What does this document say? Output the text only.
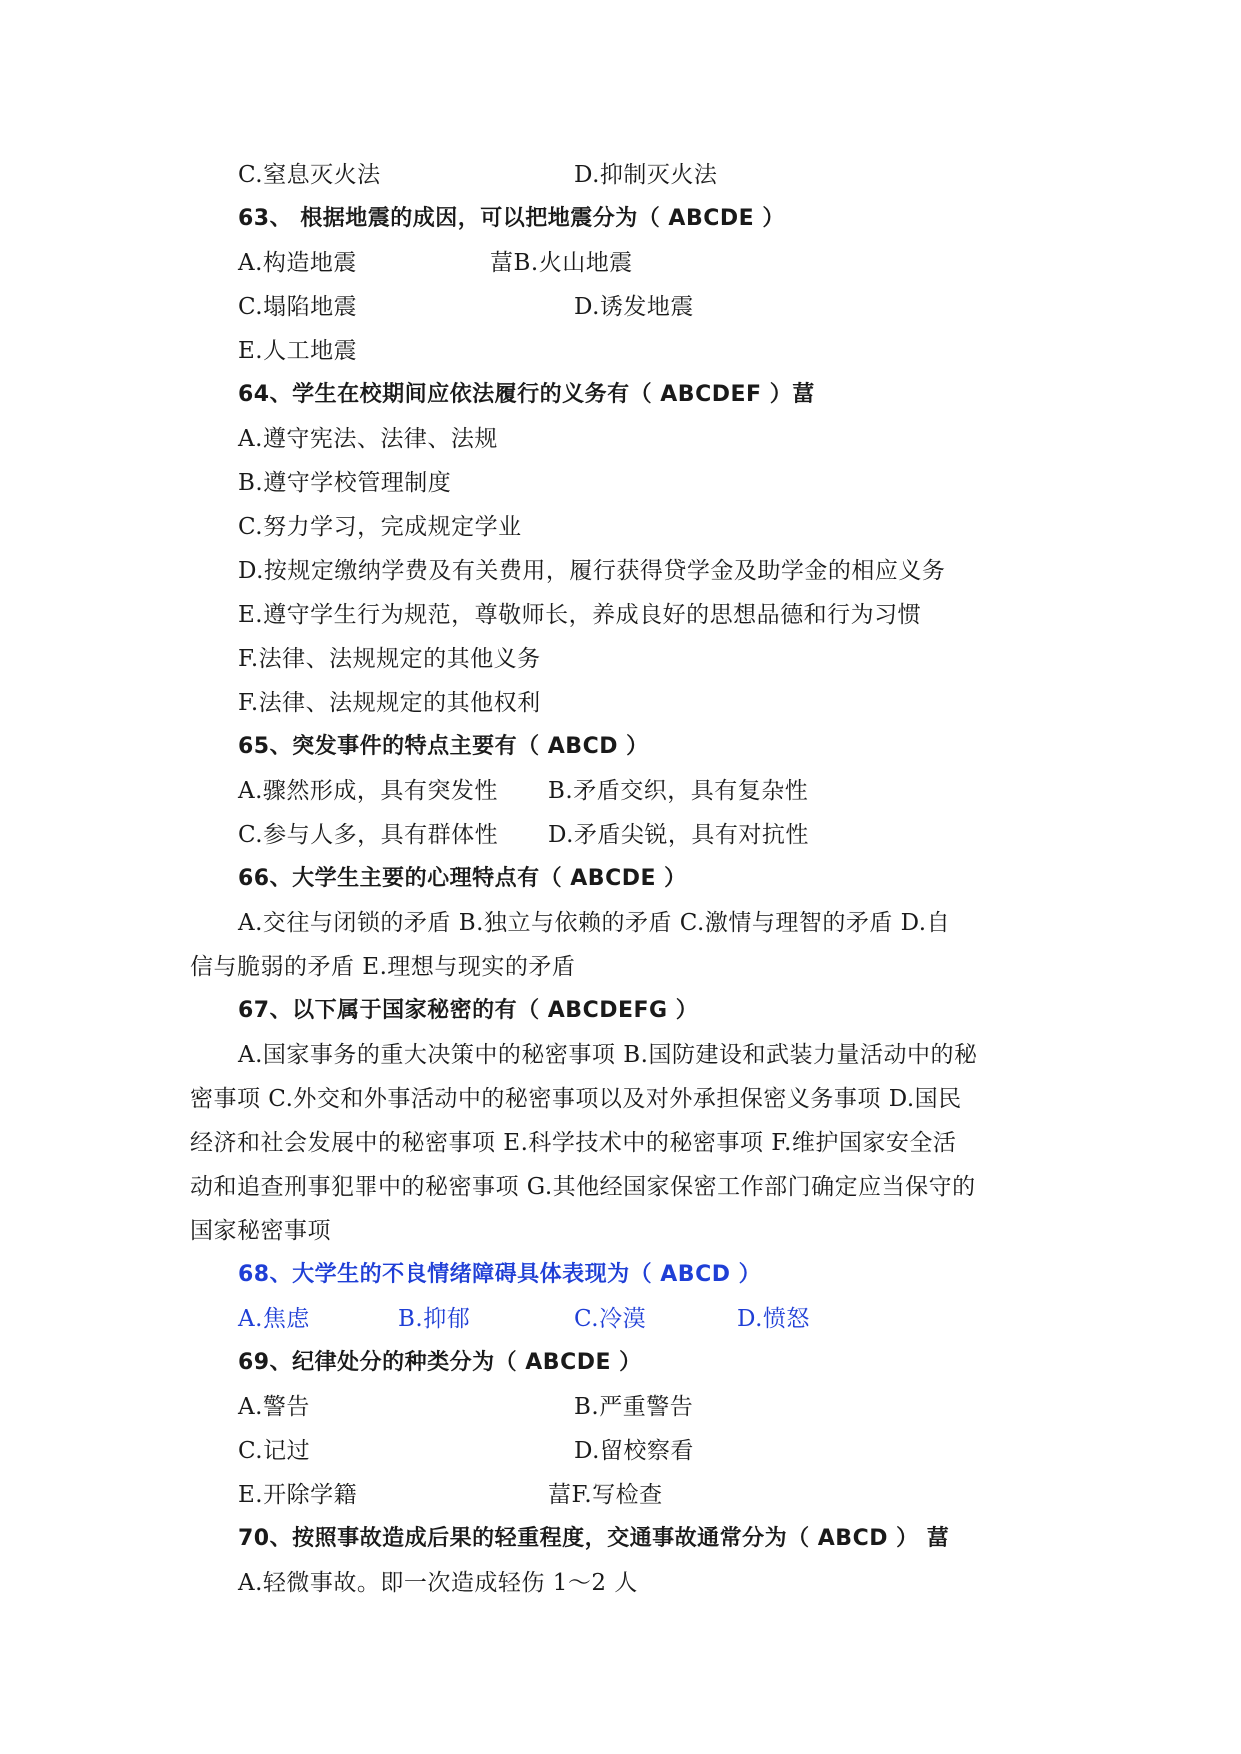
C.窒息灭火法	D.抑制灭火法
63、 根据地震的成因，可以把地震分为（ ABCDE ）
A.构造地震	葍B.火山地震
C.塌陷地震	D.诱发地震
E.人工地震
64、学生在校期间应依法履行的义务有（ ABCDEF ）葍
A.遵守宪法、法律、法规
B.遵守学校管理制度
C.努力学习，完成规定学业
D.按规定缴纳学费及有关费用，履行获得贷学金及助学金的相应义务
E.遵守学生行为规范，尊敬师长，养成良好的思想品德和行为习惯
F.法律、法规规定的其他义务
F.法律、法规规定的其他权利
65、突发事件的特点主要有（ ABCD ）
A.骤然形成，具有突发性 B.矛盾交织，具有复杂性
C.参与人多，具有群体性 D.矛盾尖锐，具有对抗性
66、大学生主要的心理特点有（ ABCDE ）
A.交往与闭锁的矛盾 B.独立与依赖的矛盾 C.激情与理智的矛盾 D.自
信与脆弱的矛盾 E.理想与现实的矛盾
67、以下属于国家秘密的有（ ABCDEFG ）
A.国家事务的重大决策中的秘密事项 B.国防建设和武装力量活动中的秘
密事项 C.外交和外事活动中的秘密事项以及对外承担保密义务事项 D.国民
经济和社会发展中的秘密事项 E.科学技术中的秘密事项 F.维护国家安全活
动和追查刑事犯罪中的秘密事项 G.其他经国家保密工作部门确定应当保守的
国家秘密事项
68、大学生的不良情绪障碍具体表现为（ ABCD ）
A.焦虑	B.抑郁	C.冷漠	D.愤怒
69、纪律处分的种类分为（ ABCDE ）
A.警告	B.严重警告
C.记过	D.留校察看
E.开除学籍	葍F.写检查
70、按照事故造成后果的轻重程度，交通事故通常分为（ ABCD ） 葍
A.轻微事故。即一次造成轻伤 1～2 人
